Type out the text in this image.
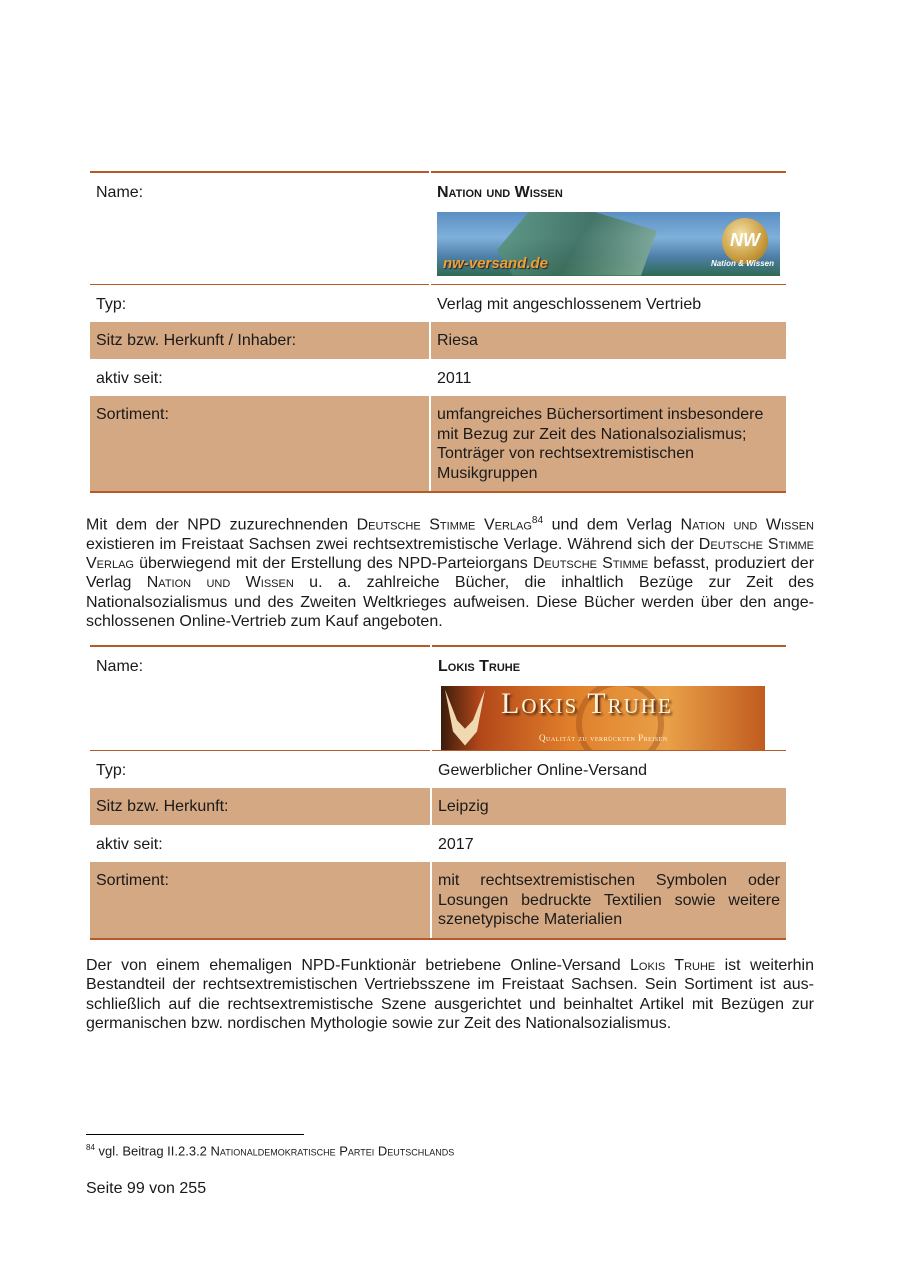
Name:	Nation und Wissen
nw-versand.de
NW
Nation & Wissen

Typ:	Verlag mit angeschlossenem Vertrieb
Sitz bzw. Herkunft / Inhaber:	Riesa
aktiv seit:	2011
Sortiment:	umfangreiches Büchersortiment insbesondere mit Bezug zur Zeit des Nationalsozialismus; Tonträger von rechtsextremistischen Musikgruppen

Mit dem der NPD zuzurechnenden Deutsche Stimme Verlag$^{84}$ und dem Verlag Nation und Wissen existieren im Freistaat Sachsen zwei rechtsextremistische Verlage. Während sich der Deutsche Stimme Verlag überwiegend mit der Erstellung des NPD-Parteiorgans Deutsche Stimme befasst, produziert der Verlag Nation und Wissen u. a. zahlreiche Bücher, die inhaltlich Bezüge zur Zeit des Nationalsozialismus und des Zweiten Weltkrieges aufweisen. Diese Bücher werden über den angeschlossenen Online-Vertrieb zum Kauf angeboten.

Name:	Lokis Truhe
Lokis Truhe
Qualität zu verrückten Preisen

Typ:	Gewerblicher Online-Versand
Sitz bzw. Herkunft:	Leipzig
aktiv seit:	2017
Sortiment:	mit rechtsextremistischen Symbolen oder Losungen bedruckte Textilien sowie weitere szenetypische Materialien

Der von einem ehemaligen NPD-Funktionär betriebene Online-Versand Lokis Truhe ist weiterhin Bestandteil der rechtsextremistischen Vertriebsszene im Freistaat Sachsen. Sein Sortiment ist ausschließlich auf die rechtsextremistische Szene ausgerichtet und beinhaltet Artikel mit Bezügen zur germanischen bzw. nordischen Mythologie sowie zur Zeit des Nationalsozialismus.

$^{84}$ vgl. Beitrag II.2.3.2 Nationaldemokratische Partei Deutschlands
Seite 99 von 255
